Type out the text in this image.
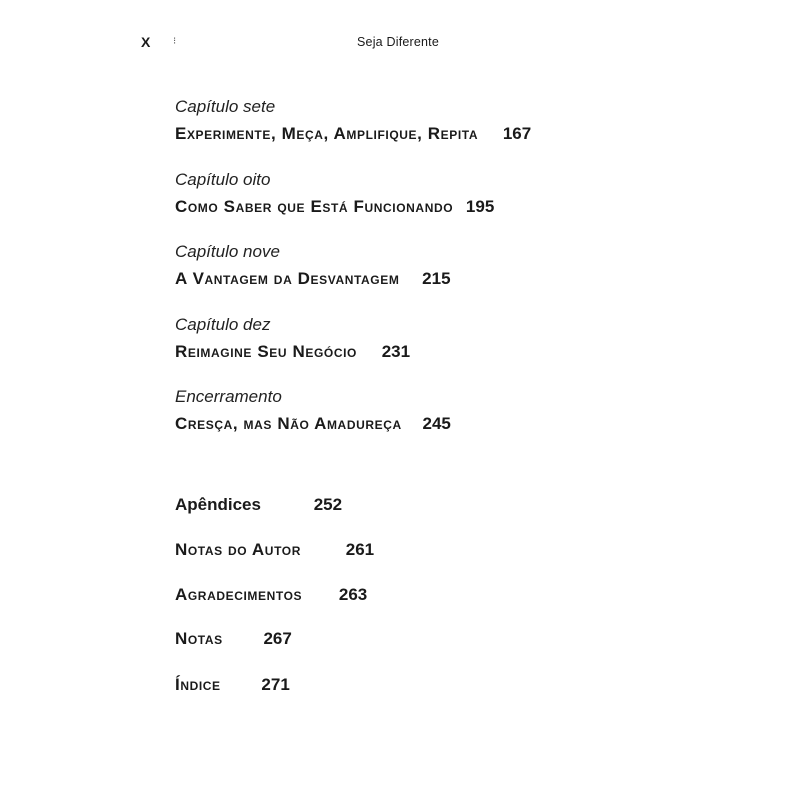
X ⁝	Seja Diferente
Capítulo sete
Experimente, Meça, Amplifique, Repita 167
Capítulo oito
Como Saber que Está Funcionando 195
Capítulo nove
A Vantagem da Desvantagem 215
Capítulo dez
Reimagine Seu Negócio 231
Encerramento
Cresça, mas Não Amadureça 245
Apêndices	252
Notas do Autor	261
Agradecimentos 263
Notas 267
Índice 271
